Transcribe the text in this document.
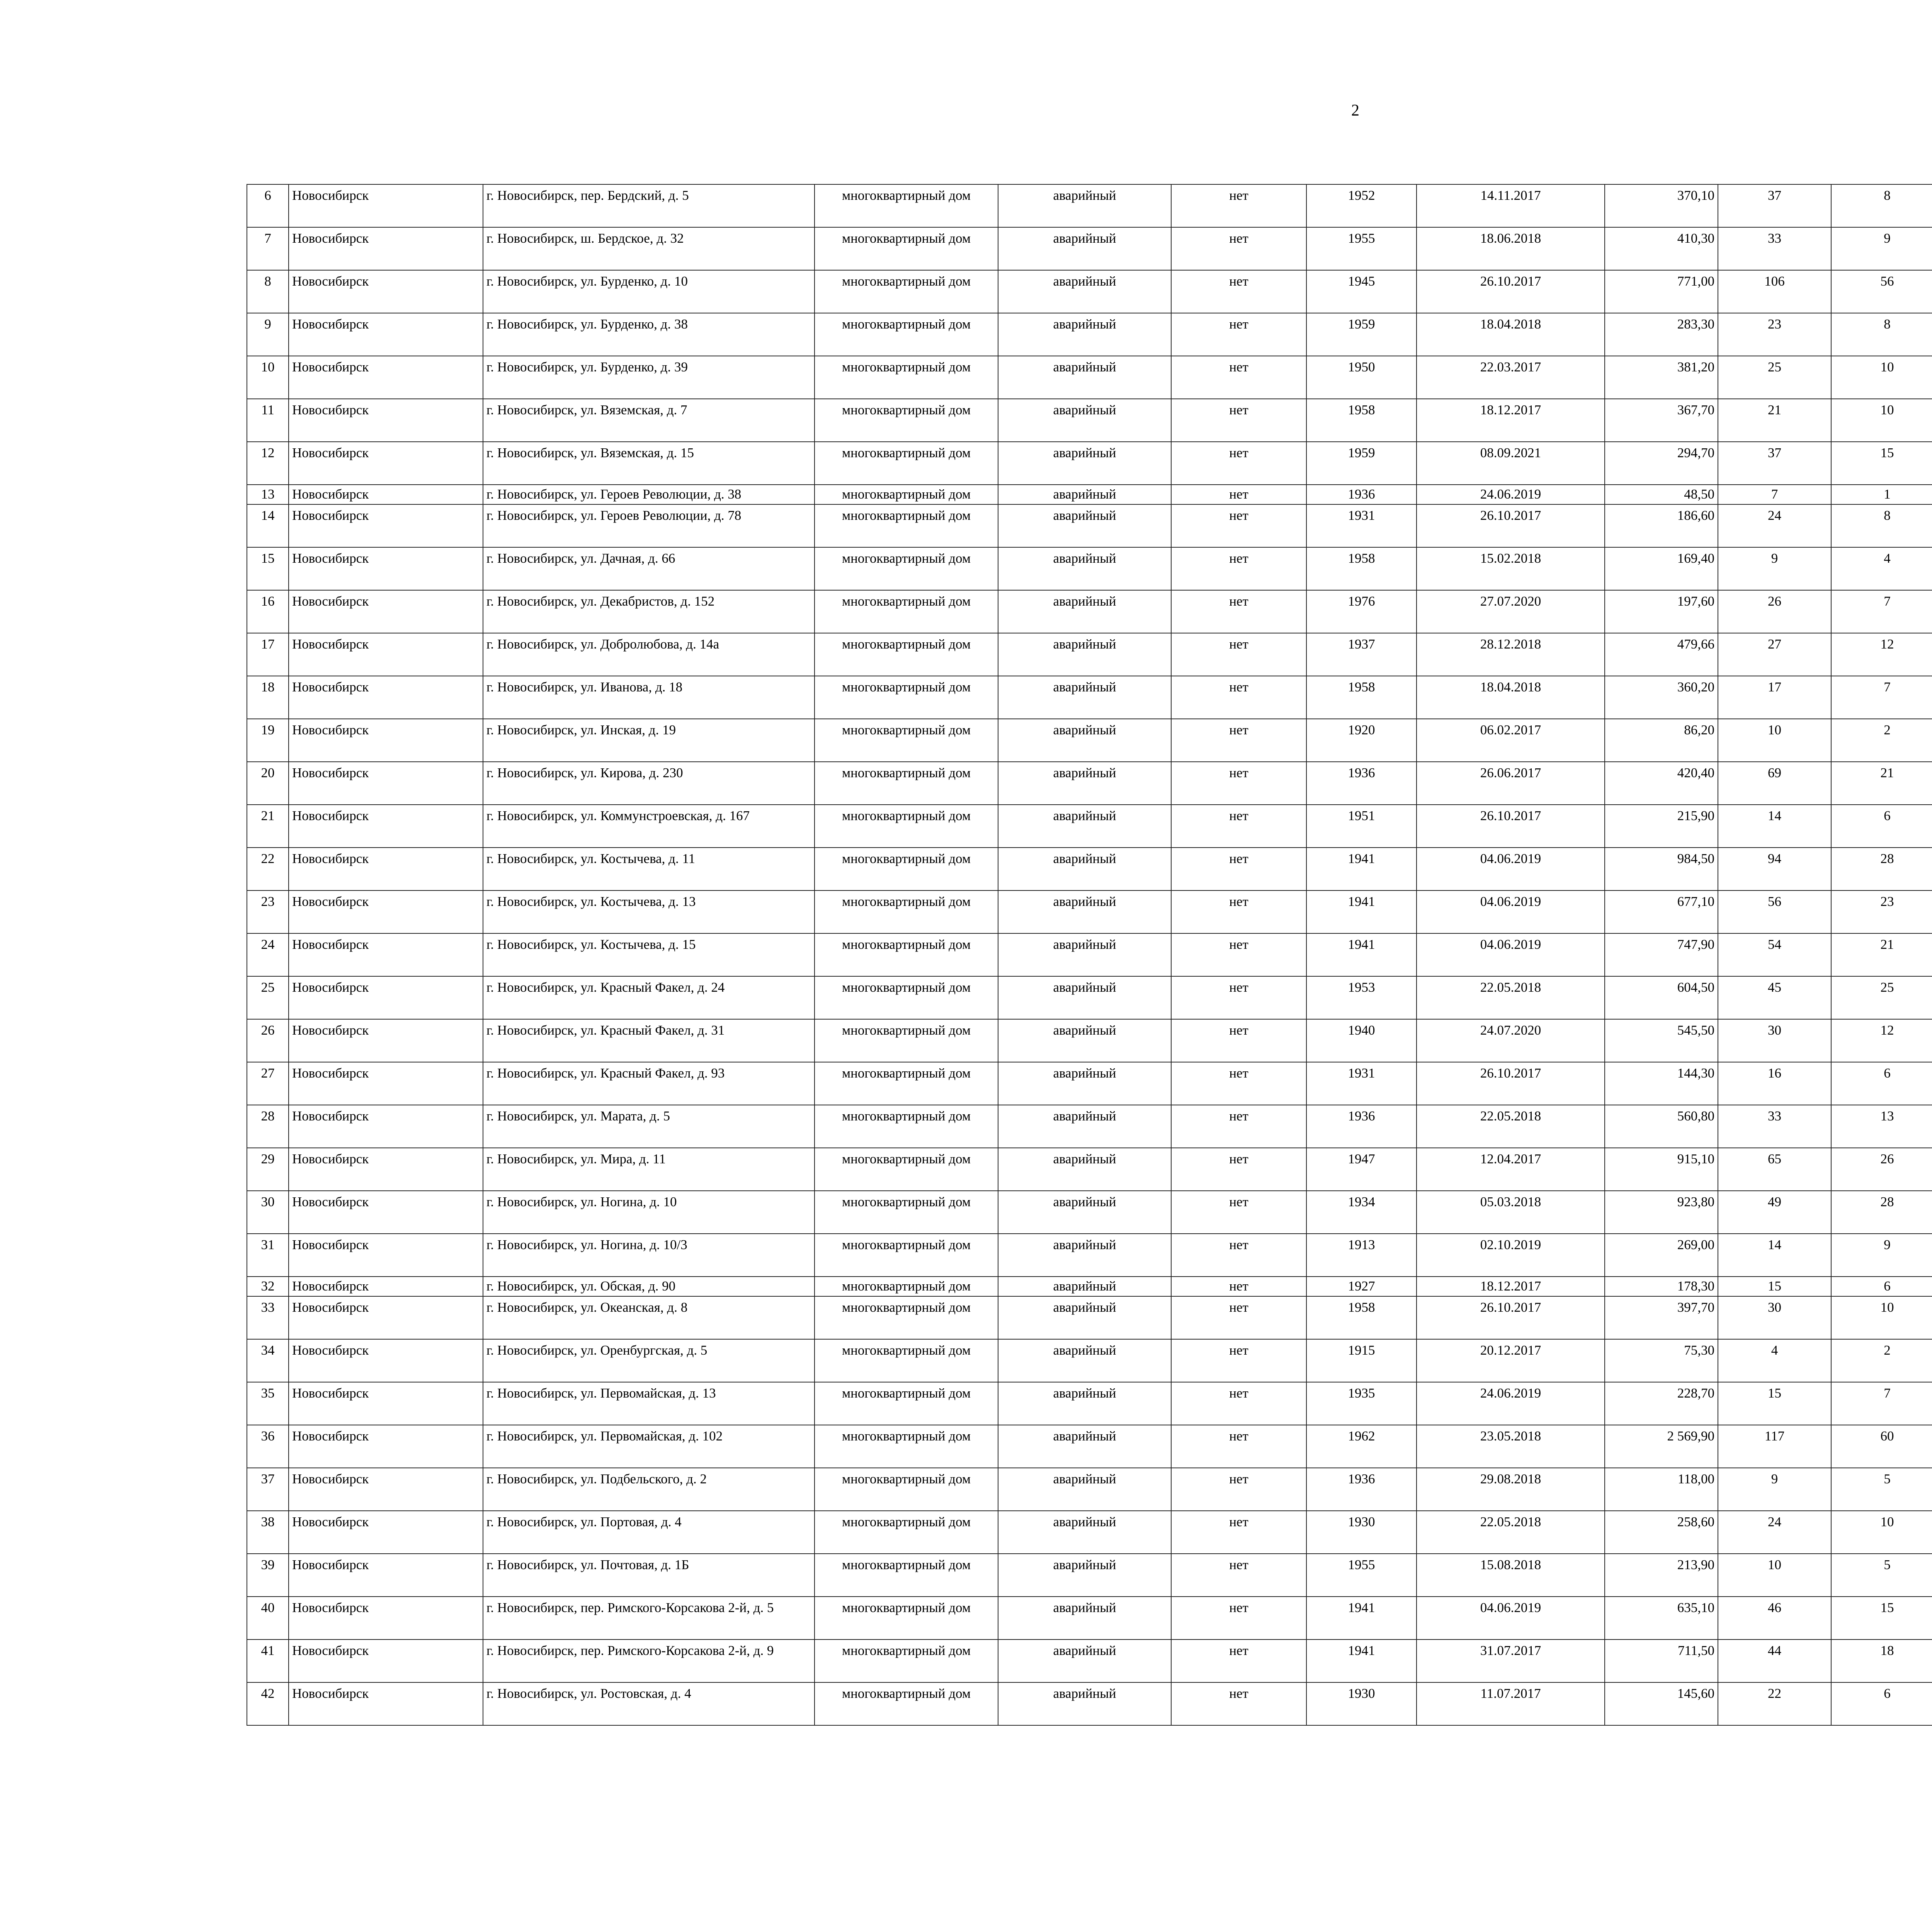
2
6	Новосибирск	г. Новосибирск, пер. Бердский, д. 5	многоквартирный дом	аварийный	нет	1952	14.11.2017	370,10	37	8					
7	Новосибирск	г. Новосибирск, ш. Бердское, д. 32	многоквартирный дом	аварийный	нет	1955	18.06.2018	410,30	33	9					
8	Новосибирск	г. Новосибирск, ул. Бурденко, д. 10	многоквартирный дом	аварийный	нет	1945	26.10.2017	771,00	106	56					
9	Новосибирск	г. Новосибирск, ул. Бурденко, д. 38	многоквартирный дом	аварийный	нет	1959	18.04.2018	283,30	23	8					
10	Новосибирск	г. Новосибирск, ул. Бурденко, д. 39	многоквартирный дом	аварийный	нет	1950	22.03.2017	381,20	25	10					
11	Новосибирск	г. Новосибирск, ул. Вяземская, д. 7	многоквартирный дом	аварийный	нет	1958	18.12.2017	367,70	21	10					
12	Новосибирск	г. Новосибирск, ул. Вяземская, д. 15	многоквартирный дом	аварийный	нет	1959	08.09.2021	294,70	37	15					
13	Новосибирск	г. Новосибирск, ул. Героев Революции, д. 38	многоквартирный дом	аварийный	нет	1936	24.06.2019	48,50	7	1					
14	Новосибирск	г. Новосибирск, ул. Героев Революции, д. 78	многоквартирный дом	аварийный	нет	1931	26.10.2017	186,60	24	8					
15	Новосибирск	г. Новосибирск, ул. Дачная, д. 66	многоквартирный дом	аварийный	нет	1958	15.02.2018	169,40	9	4					
16	Новосибирск	г. Новосибирск, ул. Декабристов, д. 152	многоквартирный дом	аварийный	нет	1976	27.07.2020	197,60	26	7					
17	Новосибирск	г. Новосибирск, ул. Добролюбова, д. 14а	многоквартирный дом	аварийный	нет	1937	28.12.2018	479,66	27	12					
18	Новосибирск	г. Новосибирск, ул. Иванова, д. 18	многоквартирный дом	аварийный	нет	1958	18.04.2018	360,20	17	7					
19	Новосибирск	г. Новосибирск, ул. Инская, д. 19	многоквартирный дом	аварийный	нет	1920	06.02.2017	86,20	10	2					
20	Новосибирск	г. Новосибирск, ул. Кирова, д. 230	многоквартирный дом	аварийный	нет	1936	26.06.2017	420,40	69	21					
21	Новосибирск	г. Новосибирск, ул. Коммунстроевская, д. 167	многоквартирный дом	аварийный	нет	1951	26.10.2017	215,90	14	6					
22	Новосибирск	г. Новосибирск, ул. Костычева, д. 11	многоквартирный дом	аварийный	нет	1941	04.06.2019	984,50	94	28					
23	Новосибирск	г. Новосибирск, ул. Костычева, д. 13	многоквартирный дом	аварийный	нет	1941	04.06.2019	677,10	56	23					
24	Новосибирск	г. Новосибирск, ул. Костычева, д. 15	многоквартирный дом	аварийный	нет	1941	04.06.2019	747,90	54	21					
25	Новосибирск	г. Новосибирск, ул. Красный Факел, д. 24	многоквартирный дом	аварийный	нет	1953	22.05.2018	604,50	45	25					
26	Новосибирск	г. Новосибирск, ул. Красный Факел, д. 31	многоквартирный дом	аварийный	нет	1940	24.07.2020	545,50	30	12					
27	Новосибирск	г. Новосибирск, ул. Красный Факел, д. 93	многоквартирный дом	аварийный	нет	1931	26.10.2017	144,30	16	6					
28	Новосибирск	г. Новосибирск, ул. Марата, д. 5	многоквартирный дом	аварийный	нет	1936	22.05.2018	560,80	33	13					
29	Новосибирск	г. Новосибирск, ул. Мира, д. 11	многоквартирный дом	аварийный	нет	1947	12.04.2017	915,10	65	26					
30	Новосибирск	г. Новосибирск, ул. Ногина, д. 10	многоквартирный дом	аварийный	нет	1934	05.03.2018	923,80	49	28					
31	Новосибирск	г. Новосибирск, ул. Ногина, д. 10/3	многоквартирный дом	аварийный	нет	1913	02.10.2019	269,00	14	9					
32	Новосибирск	г. Новосибирск, ул. Обская, д. 90	многоквартирный дом	аварийный	нет	1927	18.12.2017	178,30	15	6					
33	Новосибирск	г. Новосибирск, ул. Океанская, д. 8	многоквартирный дом	аварийный	нет	1958	26.10.2017	397,70	30	10					
34	Новосибирск	г. Новосибирск, ул. Оренбургская, д. 5	многоквартирный дом	аварийный	нет	1915	20.12.2017	75,30	4	2					
35	Новосибирск	г. Новосибирск, ул. Первомайская, д. 13	многоквартирный дом	аварийный	нет	1935	24.06.2019	228,70	15	7					
36	Новосибирск	г. Новосибирск, ул. Первомайская, д. 102	многоквартирный дом	аварийный	нет	1962	23.05.2018	2 569,90	117	60					
37	Новосибирск	г. Новосибирск, ул. Подбельского, д. 2	многоквартирный дом	аварийный	нет	1936	29.08.2018	118,00	9	5					
38	Новосибирск	г. Новосибирск, ул. Портовая, д. 4	многоквартирный дом	аварийный	нет	1930	22.05.2018	258,60	24	10					
39	Новосибирск	г. Новосибирск, ул. Почтовая, д. 1Б	многоквартирный дом	аварийный	нет	1955	15.08.2018	213,90	10	5					
40	Новосибирск	г. Новосибирск, пер. Римского-Корсакова 2-й, д. 5	многоквартирный дом	аварийный	нет	1941	04.06.2019	635,10	46	15					
41	Новосибирск	г. Новосибирск, пер. Римского-Корсакова 2-й, д. 9	многоквартирный дом	аварийный	нет	1941	31.07.2017	711,50	44	18					
42	Новосибирск	г. Новосибирск, ул. Ростовская, д. 4	многоквартирный дом	аварийный	нет	1930	11.07.2017	145,60	22	6					
